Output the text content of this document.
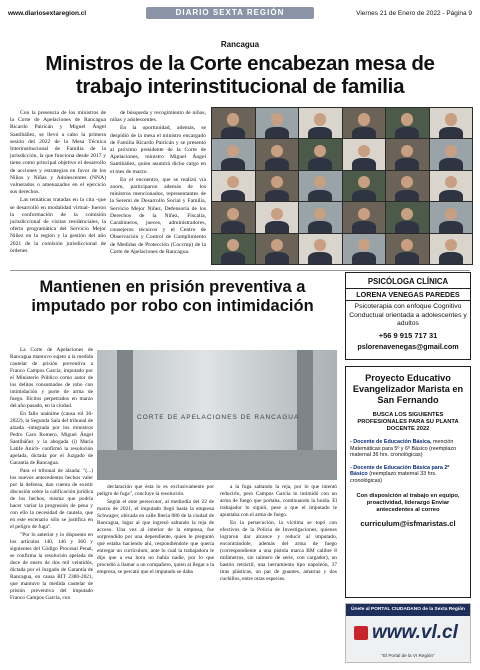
www.diariosextaregion.cl	DIARIO SEXTA REGIÓN	Viernes 21 de Enero de 2022 - Página 9
Rancagua
Ministros de la Corte encabezan mesa de trabajo interinstitucional de familia

Con la presencia de los ministros de la Corte de Apelaciones de Rancagua Ricardo Pairicán y Miguel Ángel Santibáñez, se llevó a cabo la primera sesión del 2022 de la Mesa Técnica Interinstitucional de Familia de la jurisdicción, la que funciona desde 2017 y tiene como principal objetivo el desarrollo de acciones y estrategias en favor de los Niños y Niñas y Adolescentes (NNA) vulnerados o amenazados en el ejercicio sus derechos.

Las temáticas tratadas en la cita -que se desarrolló en modalidad virtual- fueron la conformación de la comisión jurisdiccional de visitas residenciales, la oferta programática del Servicio Mejor Niñez en la región y la gestión del año 2021 de la comisión jurisdiccional de órdenes

de búsqueda y recogimiento de niños, niñas y adolescentes.

En la oportunidad, además, se despidió de la mesa el ministro encargado de Familia Ricardo Pairicán y se presentó al próximo presidente de la Corte de Apelaciones, ministro Miguel Ángel Santibáñez, quien asumirá dicho cargo en el mes de marzo.

En el encuentro, que se realizó vía zoom, participaron además de los ministros mencionados, representantes de la Seremi de Desarrollo Social y Familia, Servicio Mejor Niñez, Defensoría de los Derechos de la Niñez, Fiscalía, Carabineros, jueces, administradores, consejeros técnicos y el Centro de Observación y Control de Cumplimiento de Medidas de Protección (Coccmp) de la Corte de Apelaciones de Rancagua.

Mantienen en prisión preventiva a imputado por robo con intimidación

La Corte de Apelaciones de Rancagua mantuvo sujeto a la medida cautelar de prisión preventiva a Franco Campos García, imputado por el Ministerio Público como autor de los delitos consumados de robo con intimidación y porte de arma de fuego. Ilícitos perpetrados en marzo del año pasado, en la ciudad.

En fallo unánime (causa rol 36-2022), la Segunda Sala del tribunal de alzada -integrada por los ministros Pedro Caro Romero, Miguel Ángel Santibáñez y la abogada (i) María Latife Anich- confirmó la resolución apelada, dictada por el Juzgado de Garantía de Rancagua.

Para el tribunal de alzada: "(...) los nuevos antecedentes hechos valer por la defensa, dan cuenta de existir discusión sobre la calificación jurídica de los hechos, misma que podría hacer variar la progresión de pena y con ello la necesidad de cautela, que en este escenario sólo se justifica en el peligro de fuga".

"Por lo anterior y lo dispuesto en los artículos 140, 146 y 360 y siguientes del Código Procesal Penal, se confirma la resolución apelada de doce de enero de dos mil veintidós, dictada por el Juzgado de Garantía de Rancagua, en causa RIT 2380-2021, que mantuvo la medida cautelar de prisión preventiva del imputado Franco Campos García, con

CORTE DE APELACIONES DE RANCAGUA

declaración que ésta lo es exclusivamente por peligro de fuga", concluye la resolución.

Según el ente persecutor, al mediodía del 22 de marzo de 2021, el imputado llegó hasta la empresa Schwager, ubicada en calle Iberia 080 de la ciudad de Rancagua, lugar al que ingresó saltando la reja de acceso. Una vez al interior de la empresa, fue sorprendido por una dependiente, quien le preguntó qué estaba haciendo ahí, respondiéndole que quería entregar un currículum, ante lo cual la trabajadora le dijo que a esa hora no había nadie, por lo que procedió a llamar a un compañero, quien al llegar a la empresa, se percató que el imputado se daba

a la fuga saltando la reja, por lo que intentó reducirlo, pero Campos García lo intimidó con un arma de fuego que portaba, continuando la huida. El trabajador lo siguió, pese a que el imputado le apuntaba con el arma de fuego.

En la persecución, la víctima se topó con efectivos de la Policía de Investigaciones, quienes lograron dar alcance y reducir al imputado, encontrándole, además del arma de fuego (correspondiente a una pistola marca BM calibre 8 milímetros, sin número de serie, con cargador), un bastón retráctil, una herramienta tipo napoleón, 37 tiras plásticas, un par de guantes, amarras y dos cuchillos, entre otras especies.

PSICÓLOGA CLÍNICA
LORENA VENEGAS PAREDES
Psicoterapia con enfoque Cognitivo Conductual orientada a adolescentes y adultos
+56 9 915 717 31
pslorenavenegas@gmail.com
Proyecto Educativo Evangelizador Marista en San Fernando
BUSCA LOS SIGUIENTES PROFESIONALES PARA SU PLANTA DOCENTE 2022
- Docente de Educación Básica, mención Matemáticas para 5º y 6º Básico (reemplazo maternal 36 hrs. cronológicas)
- Docente de Educación Básica para 2º Básico (reemplazo maternal 33 hrs. cronológicas)
Con disposición al trabajo en equipo, proactividad, liderazgo Enviar antecedentes al correo
curriculum@isfmaristas.cl
Únete al PORTAL CIUDADANO de la Sexta Región
www.vl.cl
"El Portal de la VI Región"
